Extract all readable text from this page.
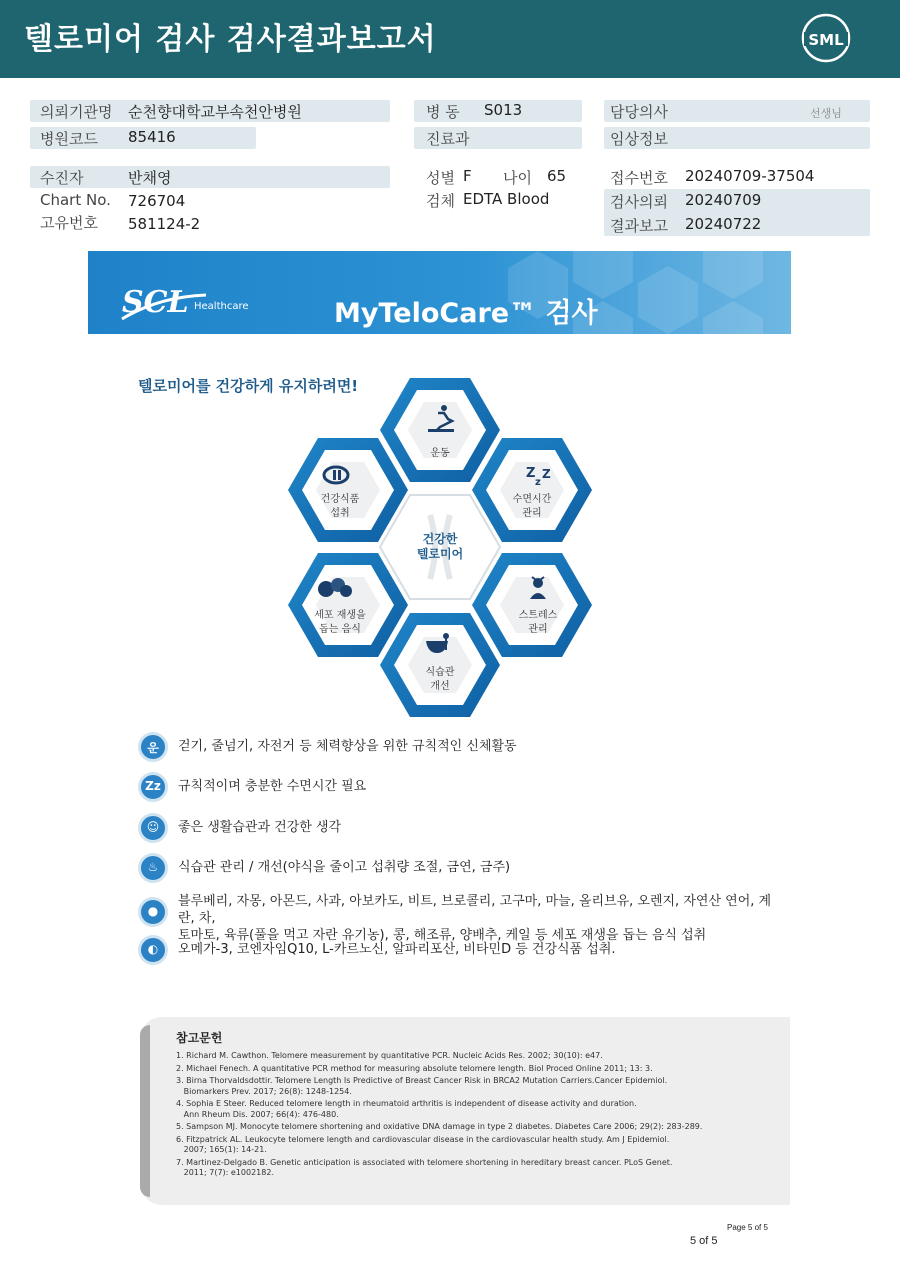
텔로미어 검사 검사결과보고서	SML
의뢰기관명 순천향대학교부속천안병원
병원코드 85416
병 동 S013
진료과
담당의사	선생님
임상정보
수진자	반채영
Chart No. 726704
고유번호 581124-2
성별 F 나이 65
검체 EDTA Blood
접수번호 20240709-37504
검사의뢰 20240709
결과보고 20240722
SCL Healthcare	MyTeloCare™ 검사
텔로미어를 건강하게 유지하려면!
Z
z
Z
운동
수면시간
관리
스트레스
관리
식습관
개선
세포 재생을
돕는 음식
건강식품
섭취
건강한
텔로미어
운	걷기, 줄넘기, 자전거 등 체력향상을 위한 규칙적인 신체활동
Zz	규칙적이며 충분한 수면시간 필요
☺	좋은 생활습관과 건강한 생각
♨	식습관 관리 / 개선(야식을 줄이고 섭취량 조절, 금연, 금주)
●
블루베리, 자몽, 아몬드, 사과, 아보카도, 비트, 브로콜리, 고구마, 마늘, 올리브유, 오렌지, 자연산 연어, 계란, 차,
토마토, 육류(풀을 먹고 자란 유기농), 콩, 해조류, 양배추, 케일 등 세포 재생을 돕는 음식 섭취
◐	오메가-3, 코엔자임Q10, L-카르노신, 알파리포산, 비타민D 등 건강식품 섭취.
참고문헌
1. Richard M. Cawthon. Telomere measurement by quantitative PCR. Nucleic Acids Res. 2002; 30(10): e47.
2. Michael Fenech. A quantitative PCR method for measuring absolute telomere length. Biol Proced Online 2011; 13: 3.
3. Birna Thorvaldsdottir. Telomere Length Is Predictive of Breast Cancer Risk in BRCA2 Mutation Carriers.Cancer Epidemiol.
Biomarkers Prev. 2017; 26(8): 1248-1254.
4. Sophia E Steer. Reduced telomere length in rheumatoid arthritis is independent of disease activity and duration.
Ann Rheum Dis. 2007; 66(4): 476-480.
5. Sampson MJ. Monocyte telomere shortening and oxidative DNA damage in type 2 diabetes. Diabetes Care 2006; 29(2): 283-289.
6. Fitzpatrick AL. Leukocyte telomere length and cardiovascular disease in the cardiovascular health study. Am J Epidemiol.
2007; 165(1): 14-21.
7. Martinez-Delgado B. Genetic anticipation is associated with telomere shortening in hereditary breast cancer. PLoS Genet.
2011; 7(7): e1002182.
Page 5 of 5
5 of 5
